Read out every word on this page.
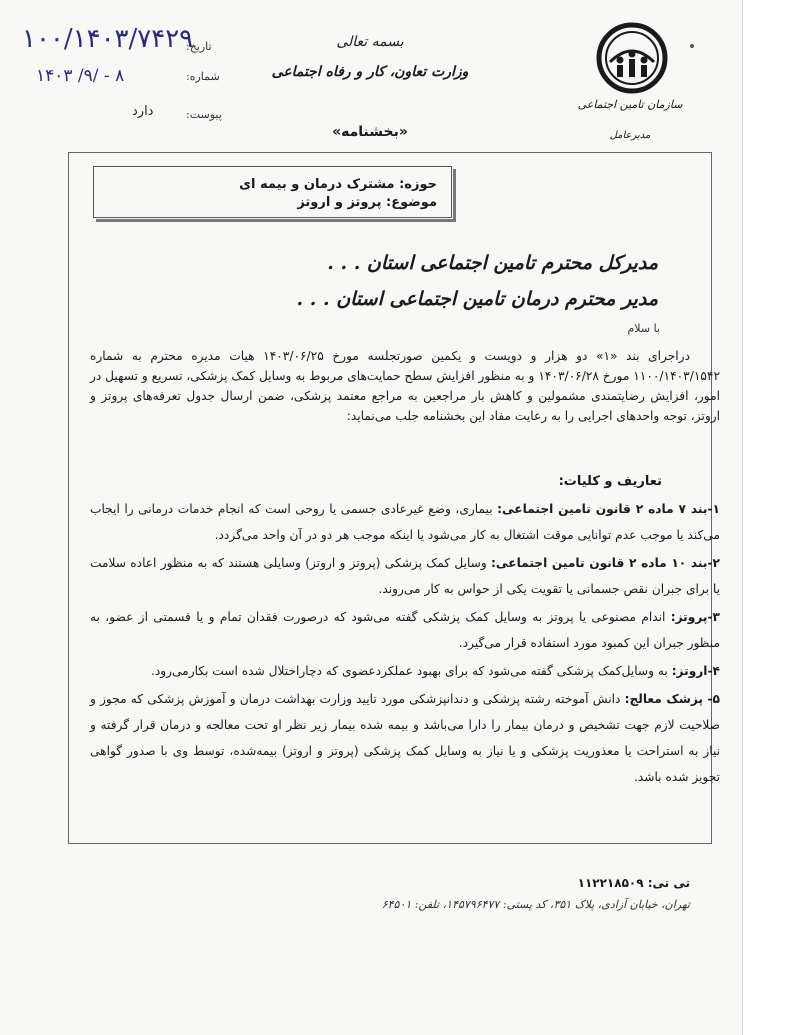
۱۰۰/۱۴۰۳/۷۴۲۹
۱۴۰۳ /۹/ - ۸
تاریخ:
شماره:
پیوست:
دارد
بسمه تعالی
وزارت تعاون، کار و رفاه اجتماعی
«بخشنامه»
سازمان تامین اجتماعی
مدیرعامل
حوزه: مشترک درمان و بیمه ای
موضوع: پروتز و اروتز
مدیرکل محترم تامین اجتماعی استان . . .
مدیر محترم درمان تامین اجتماعی استان . . .
با سلام
دراجرای بند «۱» دو هزار و دویست و یکمین صورتجلسه مورخ ۱۴۰۳/۰۶/۲۵ هیات مدیره محترم به شماره ۱۱۰۰/۱۴۰۳/۱۵۴۲ مورخ ۱۴۰۳/۰۶/۲۸ و به منظور افزایش سطح حمایت‌های مربوط به وسایل کمک پزشکی، تسریع و تسهیل در امور، افزایش رضایتمندی مشمولین و کاهش بار مراجعین به مراجع معتمد پزشکی، ضمن ارسال جدول تعرفه‌های پروتز و اروتز، توجه واحدهای اجرایی را به رعایت مفاد این بخشنامه جلب می‌نماید:
تعاریف و کلیات:

۱-بند ۷ ماده ۲ قانون تامین اجتماعی: بیماری، وضع غیرعادی جسمی یا روحی است که انجام خدمات درمانی را ایجاب می‌کند یا موجب عدم توانایی موقت اشتغال به کار می‌شود یا اینکه موجب هر دو در آن واحد می‌گردد.

۲-بند ۱۰ ماده ۲ قانون تامین اجتماعی: وسایل کمک پزشکی (پروتز و اروتز) وسایلی هستند که به منظور اعاده سلامت یا برای جبران نقص جسمانی یا تقویت یکی از حواس به کار می‌روند.

۳-پروتز: اندام مصنوعی یا پروتز به وسایل کمک پزشکی گفته می‌شود که درصورت فقدان تمام و یا قسمتی از عضو، به منظور جبران این کمبود مورد استفاده قرار می‌گیرد.

۴-اروتز: به وسایل‌کمک پزشکی گفته می‌شود که برای بهبود عملکردعضوی که دچاراختلال شده است بکارمی‌رود.

۵- پزشک معالج: دانش آموخته رشته پزشکی و دندانپزشکی مورد تایید وزارت بهداشت درمان و آموزش پزشکی که مجوز و صلاحیت لازم جهت تشخیص و درمان بیمار را دارا می‌باشد و بیمه شده بیمار زیر نظر او تحت معالجه و درمان قرار گرفته و نیاز به استراحت یا معذوریت پزشکی و یا نیاز به وسایل کمک پزشکی (پروتز و اروتز) بیمه‌شده، توسط وی با صدور گواهی تجویز شده باشد.

تی تی: ۱۱۲۲۱۸۵۰۹
تهران، خیابان آزادی، پلاک ۳۵۱، کد پستی: ۱۴۵۷۹۶۴۷۷، تلفن: ۶۴۵۰۱
